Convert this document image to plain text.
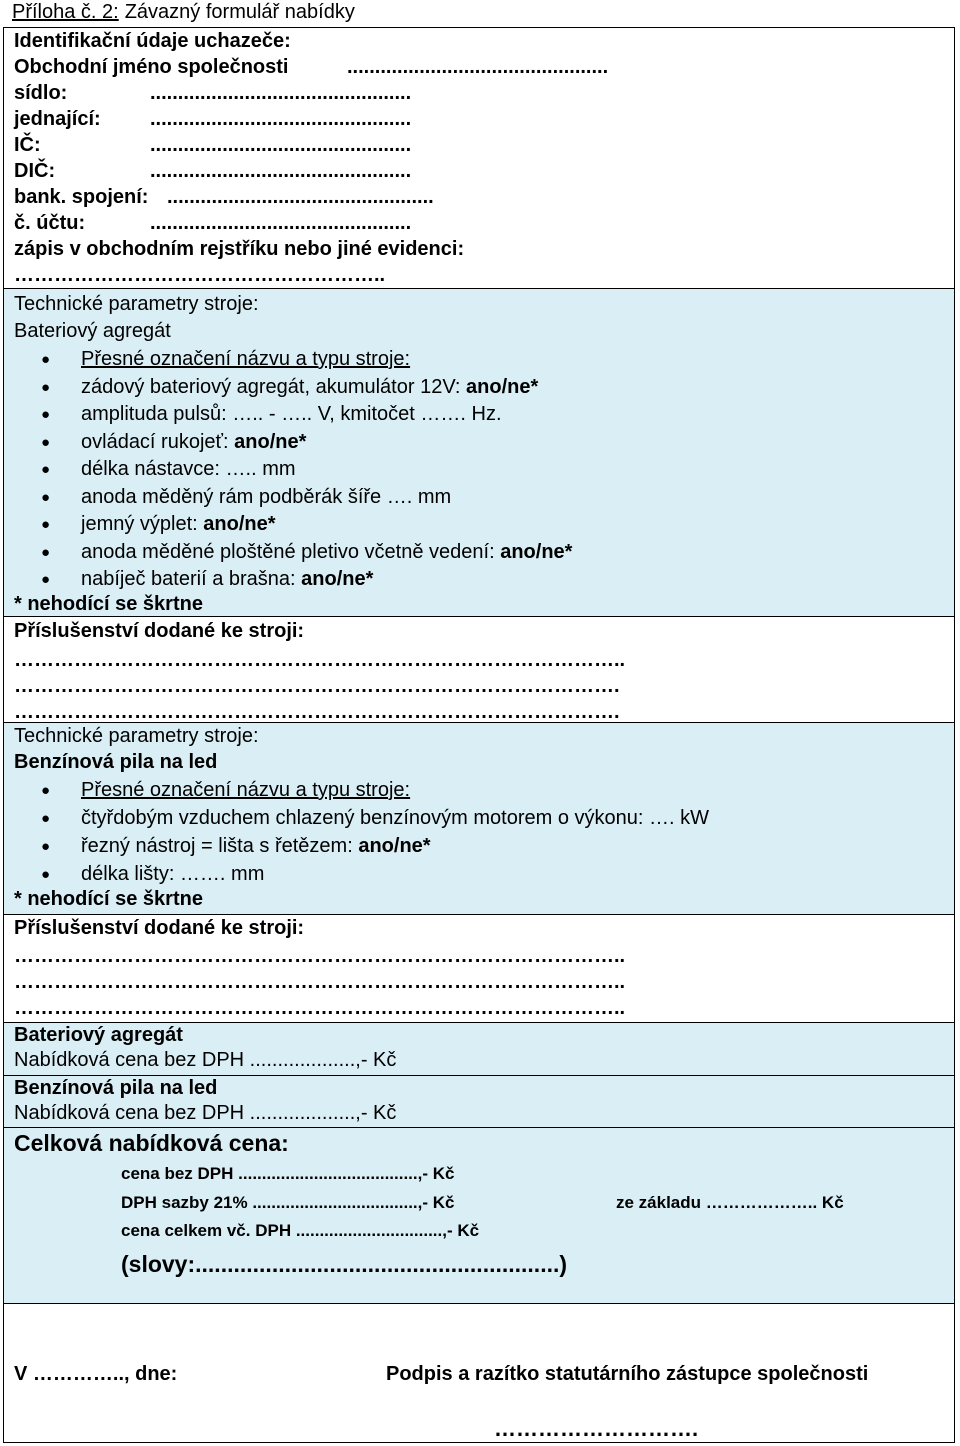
Příloha č. 2: Závazný formulář nabídky
Identifikační údaje uchazeče:
Obchodní jméno společnosti	...............................................
sídlo:	...............................................
jednající: ...............................................
IČ:	...............................................
DIČ:	...............................................
bank. spojení: ................................................
č. účtu:	...............................................
zápis v obchodním rejstříku nebo jiné evidenci:
………………………………………………..
Technické parametry stroje:
Bateriový agregát
●	Přesné označení názvu a typu stroje:
●	zádový bateriový agregát, akumulátor 12V: ano/ne*
●	amplituda pulsů: ….. - ….. V, kmitočet ……. Hz.
●	ovládací rukojeť: ano/ne*
●	délka nástavce: ….. mm
●	anoda měděný rám podběrák šíře …. mm
●	jemný výplet: ano/ne*
●	anoda měděné ploštěné pletivo včetně vedení: ano/ne*
●	nabíječ baterií a brašna: ano/ne*
* nehodící se škrtne
Příslušenství dodané ke stroji:
………………………………………………………………………………..
……………………………………………………………………………….
……………………………………………………………………………….
Technické parametry stroje:
Benzínová pila na led
●	Přesné označení názvu a typu stroje:
●	čtyřdobým vzduchem chlazený benzínovým motorem o výkonu: …. kW
●	řezný nástroj = lišta s řetězem: ano/ne*
●	délka lišty: ……. mm
* nehodící se škrtne
Příslušenství dodané ke stroji:
………………………………………………………………………………..
………………………………………………………………………………..
………………………………………………………………………………..
Bateriový agregát
Nabídková cena bez DPH ...................,- Kč
Benzínová pila na led
Nabídková cena bez DPH ...................,- Kč
Celková nabídková cena:
cena bez DPH ......................................,- Kč
DPH sazby 21% ...................................,- Kč	ze základu ……………….. Kč
cena celkem vč. DPH ...............................,- Kč
(slovy:.........................................................)
V ………….., dne:	Podpis a razítko statutárního zástupce společnosti
……………………….
